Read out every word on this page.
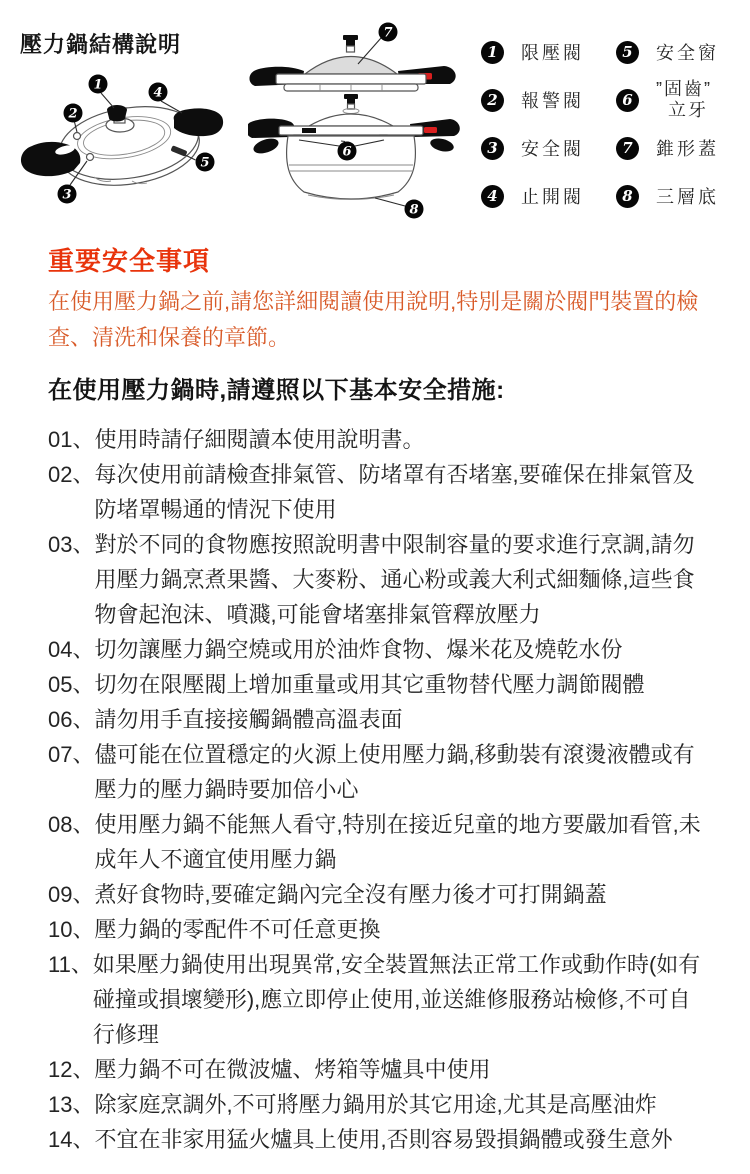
壓力鍋結構說明
1
2
3
4
5
7
6
8
1	限壓閥
2	報警閥
3	安全閥
4	止開閥
5	安全窗
6
”固齒”
立牙
7	錐形蓋
8	三層底
重要安全事項

在使用壓力鍋之前,請您詳細閱讀使用說明,特別是關於閥門裝置的檢查、清洗和保養的章節。

在使用壓力鍋時,請遵照以下基本安全措施:
01、 使用時請仔細閱讀本使用說明書。
02、 每次使用前請檢查排氣管、防堵罩有否堵塞,要確保在排氣管及防堵罩暢通的情況下使用
03、 對於不同的食物應按照說明書中限制容量的要求進行烹調,請勿用壓力鍋烹煮果醬、大麥粉、通心粉或義大利式細麵條,這些食物會起泡沫、噴濺,可能會堵塞排氣管釋放壓力
04、 切勿讓壓力鍋空燒或用於油炸食物、爆米花及燒乾水份
05、 切勿在限壓閥上增加重量或用其它重物替代壓力調節閥體
06、 請勿用手直接接觸鍋體高溫表面
07、 儘可能在位置穩定的火源上使用壓力鍋,移動裝有滾燙液體或有壓力的壓力鍋時要加倍小心
08、 使用壓力鍋不能無人看守,特別在接近兒童的地方要嚴加看管,未成年人不適宜使用壓力鍋
09、 煮好食物時,要確定鍋內完全沒有壓力後才可打開鍋蓋
10、 壓力鍋的零配件不可任意更換
11、 如果壓力鍋使用出現異常,安全裝置無法正常工作或動作時(如有碰撞或損壞變形),應立即停止使用,並送維修服務站檢修,不可自行修理
12、 壓力鍋不可在微波爐、烤箱等爐具中使用
13、 除家庭烹調外,不可將壓力鍋用於其它用途,尤其是高壓油炸
14、 不宜在非家用猛火爐具上使用,否則容易毀損鍋體或發生意外
